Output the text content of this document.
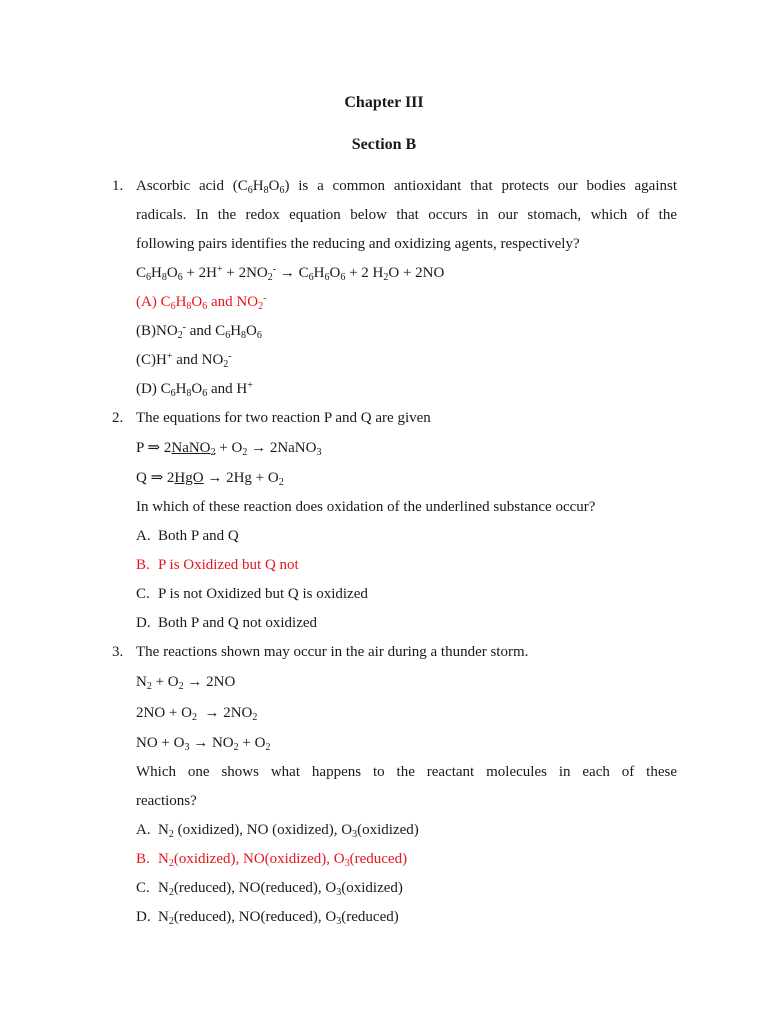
Chapter III
Section B
1. Ascorbic acid $(C_6H_8O_6)$ is a common antioxidant that protects our bodies against
radicals. In the redox equation below that occurs in our stomach, which of the
following pairs identifies the reducing and oxidizing agents, respectively?
$C_6H_8O_6 + 2H^+ + 2NO_2^- \to C_6H_6O_6 + 2$ $H_2O + 2NO$
(A) $C_6H_8O_6$ and $NO_2^-$
$(B)NO_2^-$ and $C_6H_8O_6$
(C)H+ and $NO_2^-$
(D) $C_6H_8O_6$ and H+
2. The equations for two reaction P and Q are given
P ⇒ 2NaNO$_2$ + $O_2$ → 2NaNO$_3$
Q ⇒ $2HgO \to 2Hg + O_2$
In which of these reaction does oxidation of the underlined substance occur?
A. Both P and Q
B. P is Oxidized but Q not
C. P is not Oxidized but Q is oxidized
D. Both P and Q not oxidized
3. The reactions shown may occur in the air during a thunder storm.
$N_2 + O_2 \to 2NO$
$2NO + O_2 \to 2NO_2$
NO + $O_3 \to NO_2 + O_2$
Which one shows what happens to the reactant molecules in each of these
reactions?
A. $N_2$ (oxidized), NO (oxidized), $O_3(oxidized)$
B. $N_2(oxidized)$, NO(oxidized), $O_3(reduced)$
C. $N_2(reduced)$, NO(reduced), $O_3(oxidized)$
D. $N_2(reduced)$, NO(reduced), $O_3(reduced)$
